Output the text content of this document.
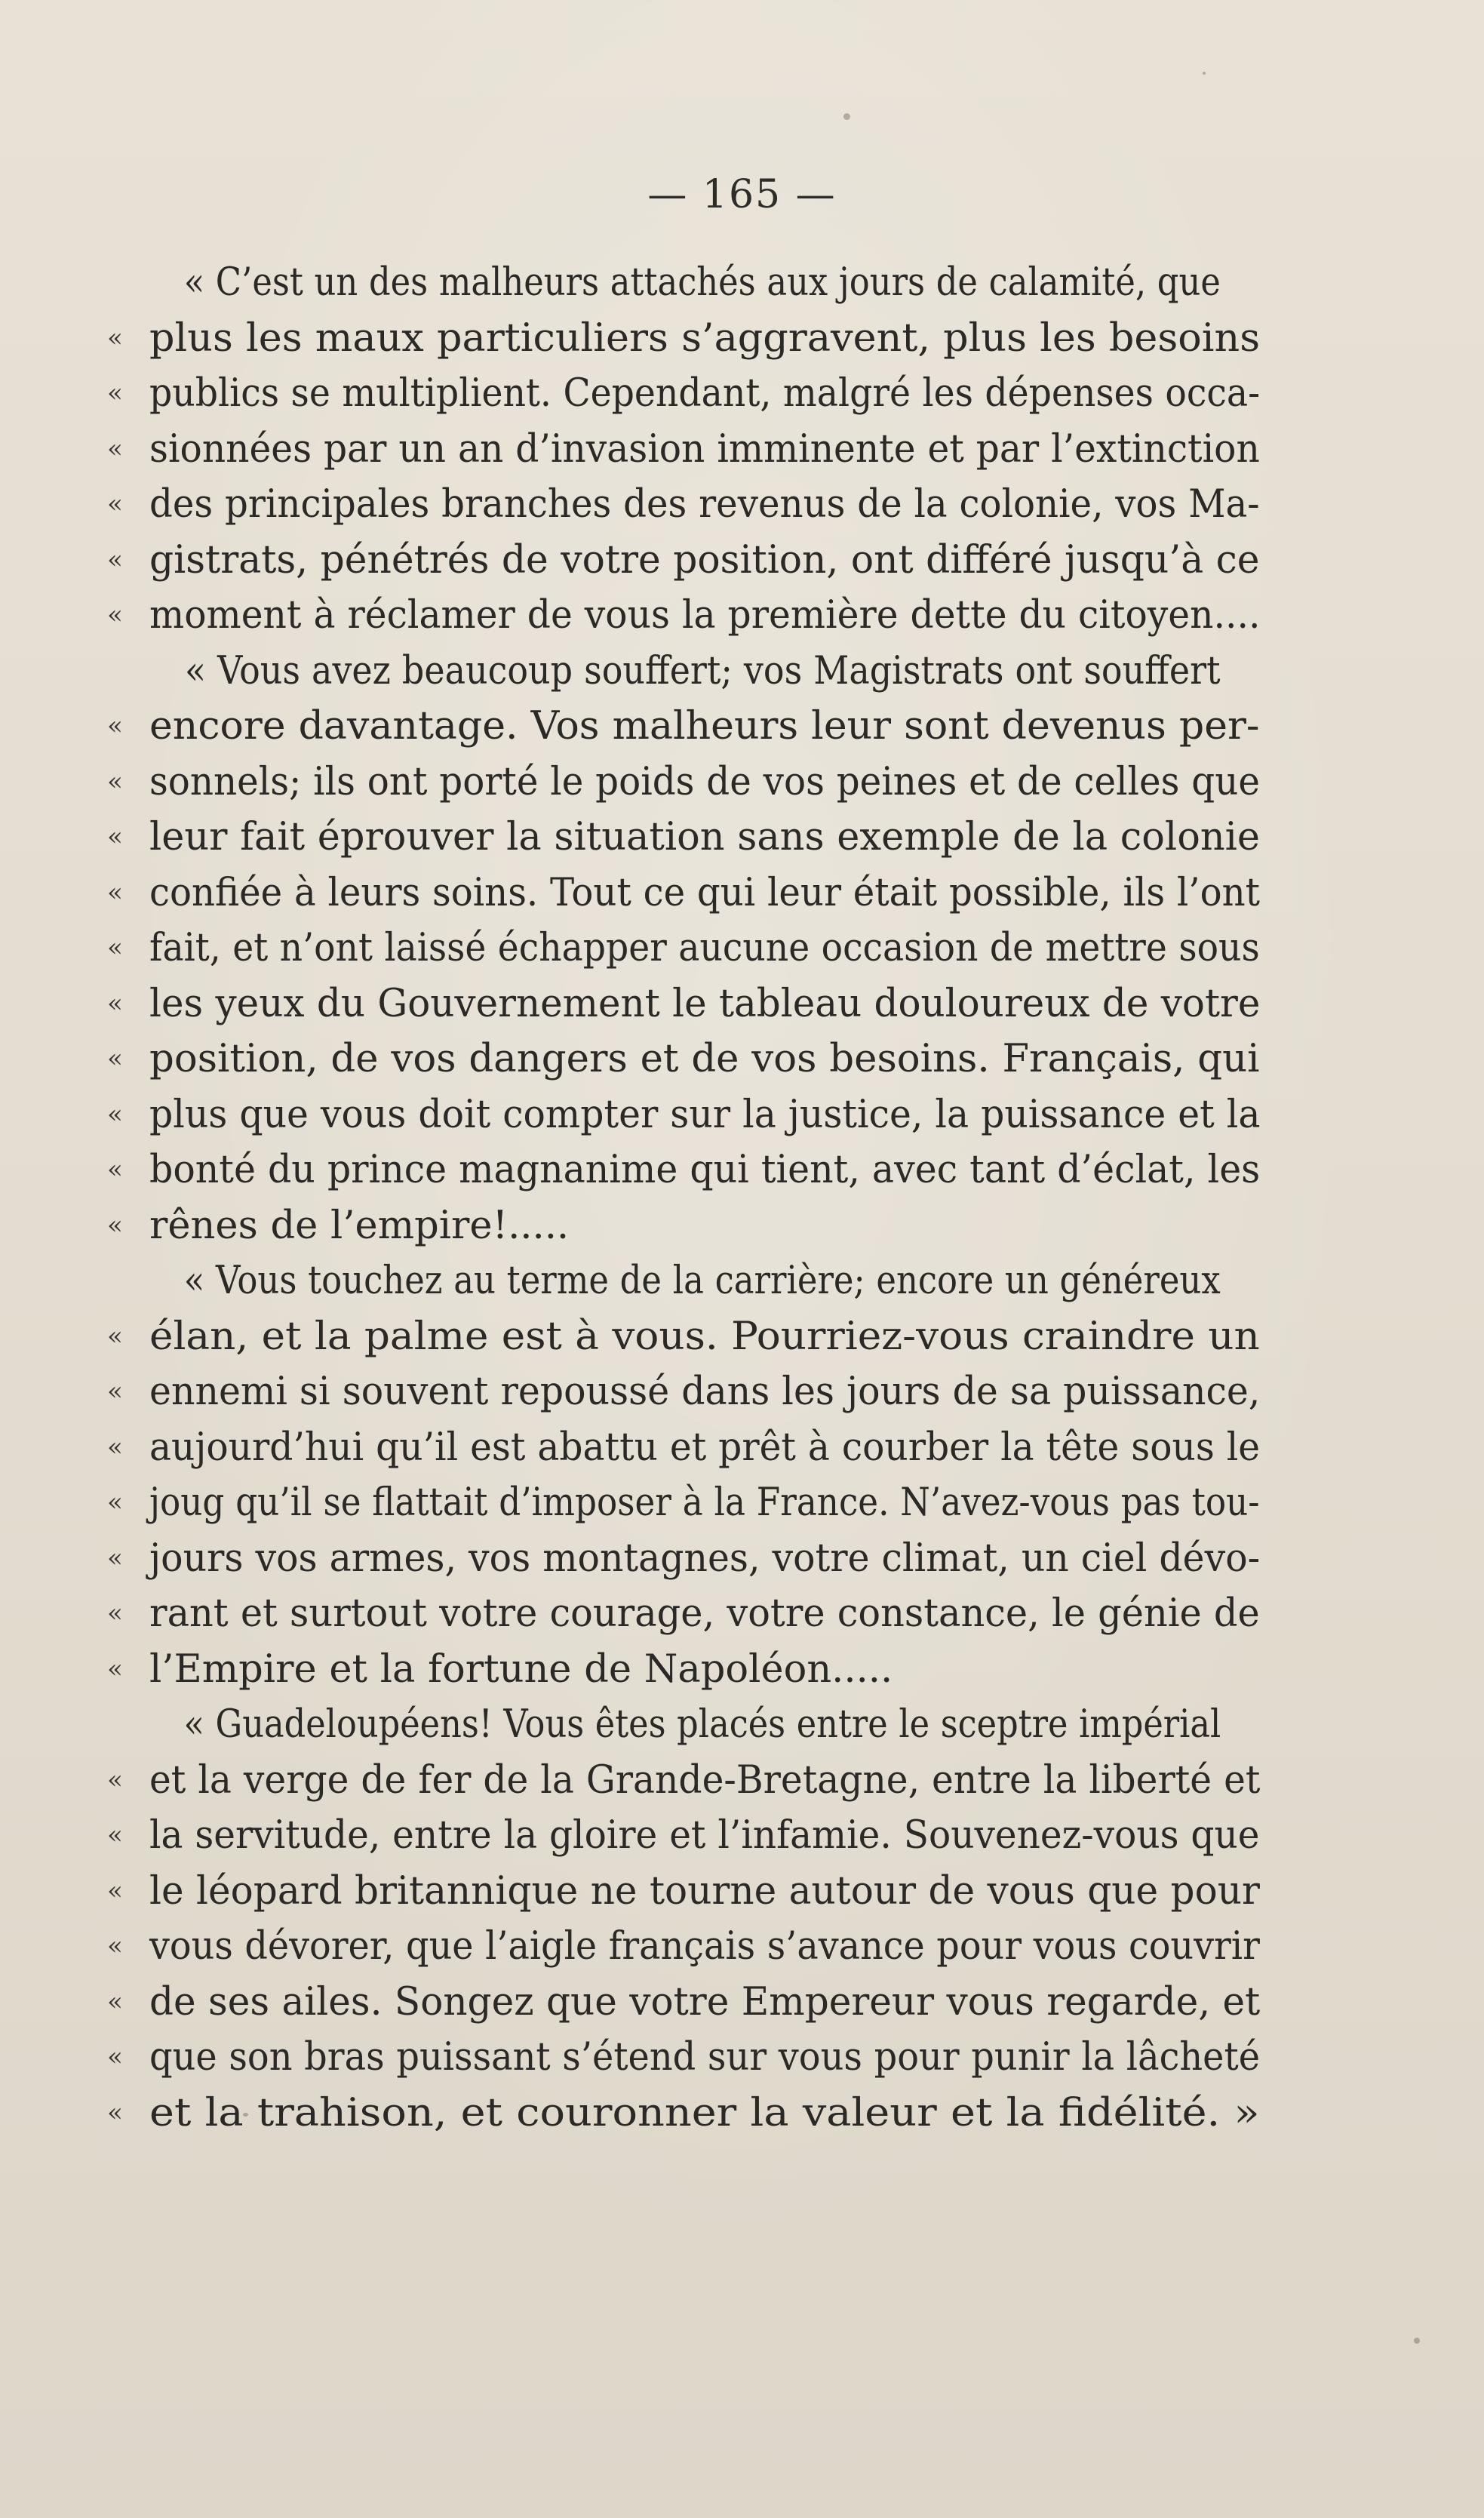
— 165 —
« C’est un des malheurs attachés aux jours de calamité, que
« plus les maux particuliers s’aggravent, plus les besoins
« publics se multiplient. Cependant, malgré les dépenses occa-
« sionnées par un an d’invasion imminente et par l’extinction
« des principales branches des revenus de la colonie, vos Ma-
« gistrats, pénétrés de votre position, ont différé jusqu’à ce
« moment à réclamer de vous la première dette du citoyen....
« Vous avez beaucoup souffert; vos Magistrats ont souffert
« encore davantage. Vos malheurs leur sont devenus per-
« sonnels; ils ont porté le poids de vos peines et de celles que
« leur fait éprouver la situation sans exemple de la colonie
« confiée à leurs soins. Tout ce qui leur était possible, ils l’ont
« fait, et n’ont laissé échapper aucune occasion de mettre sous
« les yeux du Gouvernement le tableau douloureux de votre
« position, de vos dangers et de vos besoins. Français, qui
« plus que vous doit compter sur la justice, la puissance et la
« bonté du prince magnanime qui tient, avec tant d’éclat, les
« rênes de l’empire!.....
« Vous touchez au terme de la carrière; encore un généreux
« élan, et la palme est à vous. Pourriez-vous craindre un
« ennemi si souvent repoussé dans les jours de sa puissance,
« aujourd’hui qu’il est abattu et prêt à courber la tête sous le
« joug qu’il se flattait d’imposer à la France. N’avez-vous pas tou-
« jours vos armes, vos montagnes, votre climat, un ciel dévo-
« rant et surtout votre courage, votre constance, le génie de
« l’Empire et la fortune de Napoléon.....
« Guadeloupéens! Vous êtes placés entre le sceptre impérial
« et la verge de fer de la Grande-Bretagne, entre la liberté et
« la servitude, entre la gloire et l’infamie. Souvenez-vous que
« le léopard britannique ne tourne autour de vous que pour
« vous dévorer, que l’aigle français s’avance pour vous couvrir
« de ses ailes. Songez que votre Empereur vous regarde, et
« que son bras puissant s’étend sur vous pour punir la lâcheté
« et la trahison, et couronner la valeur et la fidélité. »
